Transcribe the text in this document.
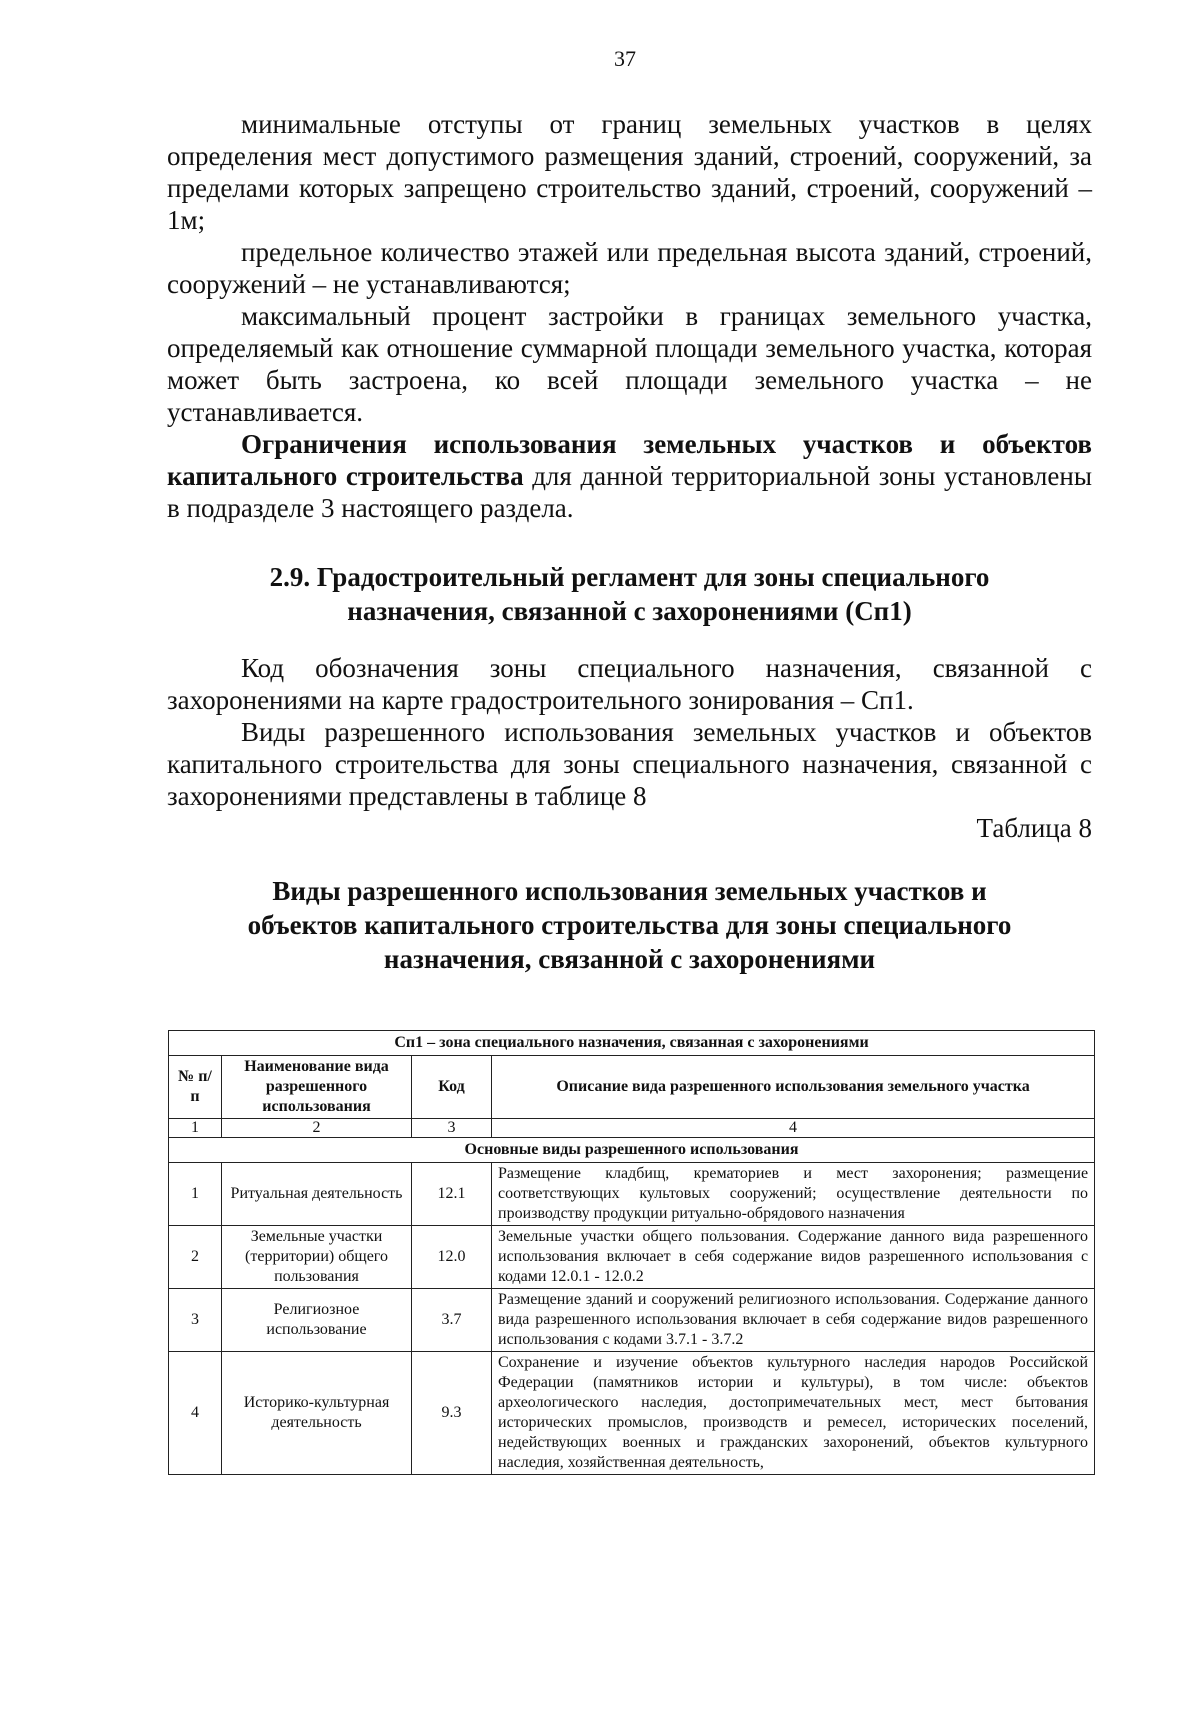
37

минимальные отступы от границ земельных участков в целях определения мест допустимого размещения зданий, строений, сооружений, за пределами которых запрещено строительство зданий, строений, сооружений – 1м;

предельное количество этажей или предельная высота зданий, строений, сооружений – не устанавливаются;

максимальный процент застройки в границах земельного участка, определяемый как отношение суммарной площади земельного участка, которая может быть застроена, ко всей площади земельного участка – не устанавливается.

Ограничения использования земельных участков и объектов капитального строительства для данной территориальной зоны установлены в подразделе 3 настоящего раздела.

2.9. Градостроительный регламент для зоны специального
назначения, связанной с захоронениями (Сп1)

Код обозначения зоны специального назначения, связанной с захоронениями на карте градостроительного зонирования – Сп1.

Виды разрешенного использования земельных участков и объектов капитального строительства для зоны специального назначения, связанной с захоронениями представлены в таблице 8

Таблица 8

Виды разрешенного использования земельных участков и
объектов капитального строительства для зоны специального
назначения, связанной с захоронениями
Сп1 – зона специального назначения, связанная с захоронениями			
№ п/п	Наименование вида разрешенного использования	Код	Описание вида разрешенного использования земельного участка
1	2	3	4
Основные виды разрешенного использования			
1	Ритуальная деятельность	12.1	Размещение кладбищ, крематориев и мест захоронения; размещение соответствующих культовых сооружений; осуществление деятельности по производству продукции ритуально-обрядового назначения
2	Земельные участки (территории) общего пользования	12.0	Земельные участки общего пользования. Содержание данного вида разрешенного использования включает в себя содержание видов разрешенного использования с кодами 12.0.1 - 12.0.2
3	Религиозное использование	3.7	Размещение зданий и сооружений религиозного использования. Содержание данного вида разрешенного использования включает в себя содержание видов разрешенного использования с кодами 3.7.1 - 3.7.2
4	Историко-культурная деятельность	9.3	Сохранение и изучение объектов культурного наследия народов Российской Федерации (памятников истории и культуры), в том числе: объектов археологического наследия, достопримечательных мест, мест бытования исторических промыслов, производств и ремесел, исторических поселений, недействующих военных и гражданских захоронений, объектов культурного наследия, хозяйственная деятельность,
